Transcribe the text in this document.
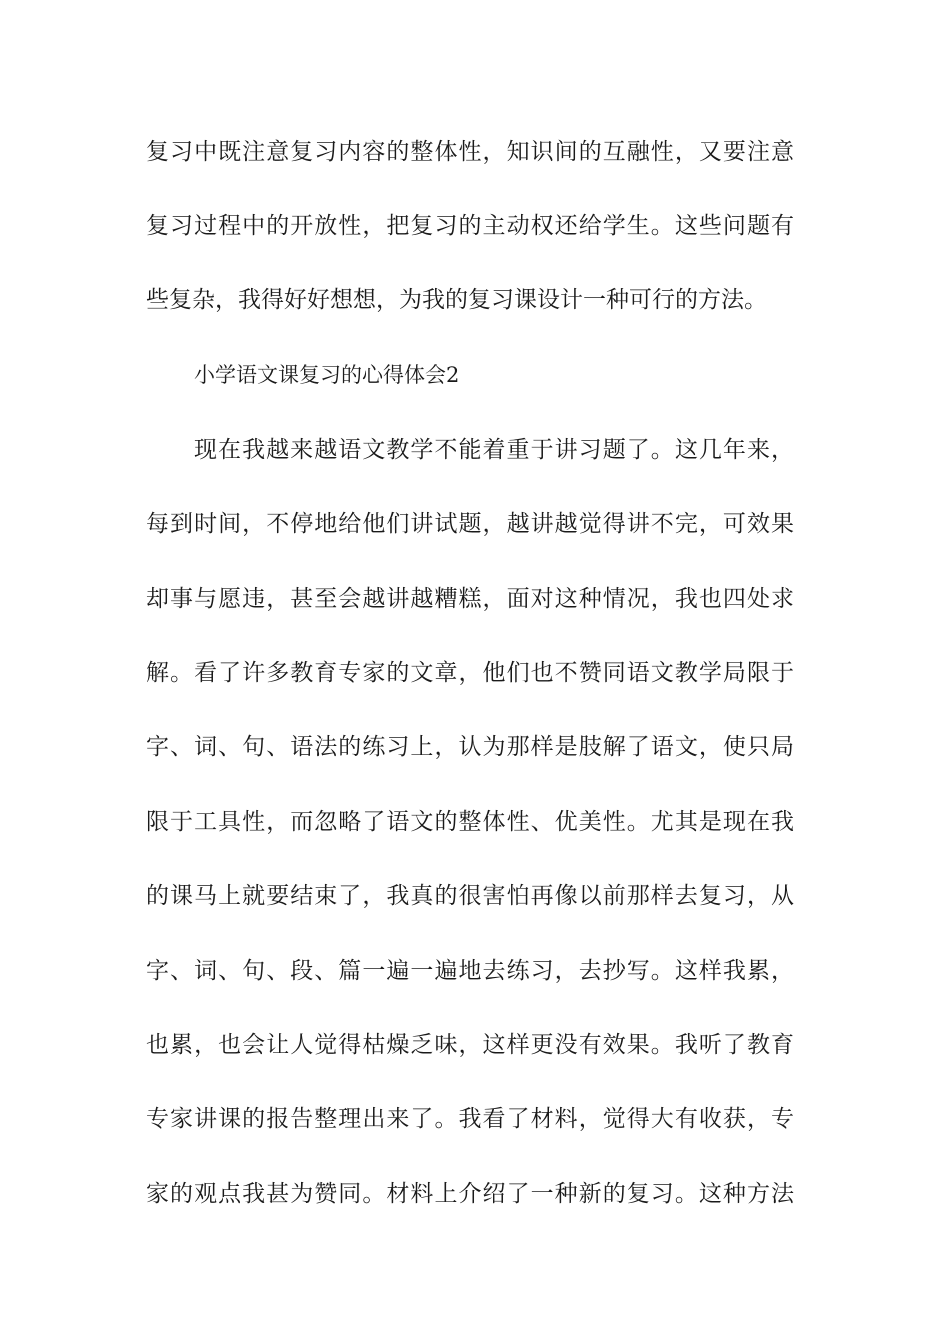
复习中既注意复习内容的整体性，知识间的互融性，又要注意
复习过程中的开放性，把复习的主动权还给学生。这些问题有
些复杂，我得好好想想，为我的复习课设计一种可行的方法。
小学语文课复习的心得体会2
现在我越来越语文教学不能着重于讲习题了。这几年来，
每到时间，不停地给他们讲试题，越讲越觉得讲不完，可效果
却事与愿违，甚至会越讲越糟糕，面对这种情况，我也四处求
解。看了许多教育专家的文章，他们也不赞同语文教学局限于
字、词、句、语法的练习上，认为那样是肢解了语文，使只局
限于工具性，而忽略了语文的整体性、优美性。尤其是现在我
的课马上就要结束了，我真的很害怕再像以前那样去复习，从
字、词、句、段、篇一遍一遍地去练习，去抄写。这样我累，
也累，也会让人觉得枯燥乏味，这样更没有效果。我听了教育
专家讲课的报告整理出来了。我看了材料，觉得大有收获，专
家的观点我甚为赞同。材料上介绍了一种新的复习。这种方法
